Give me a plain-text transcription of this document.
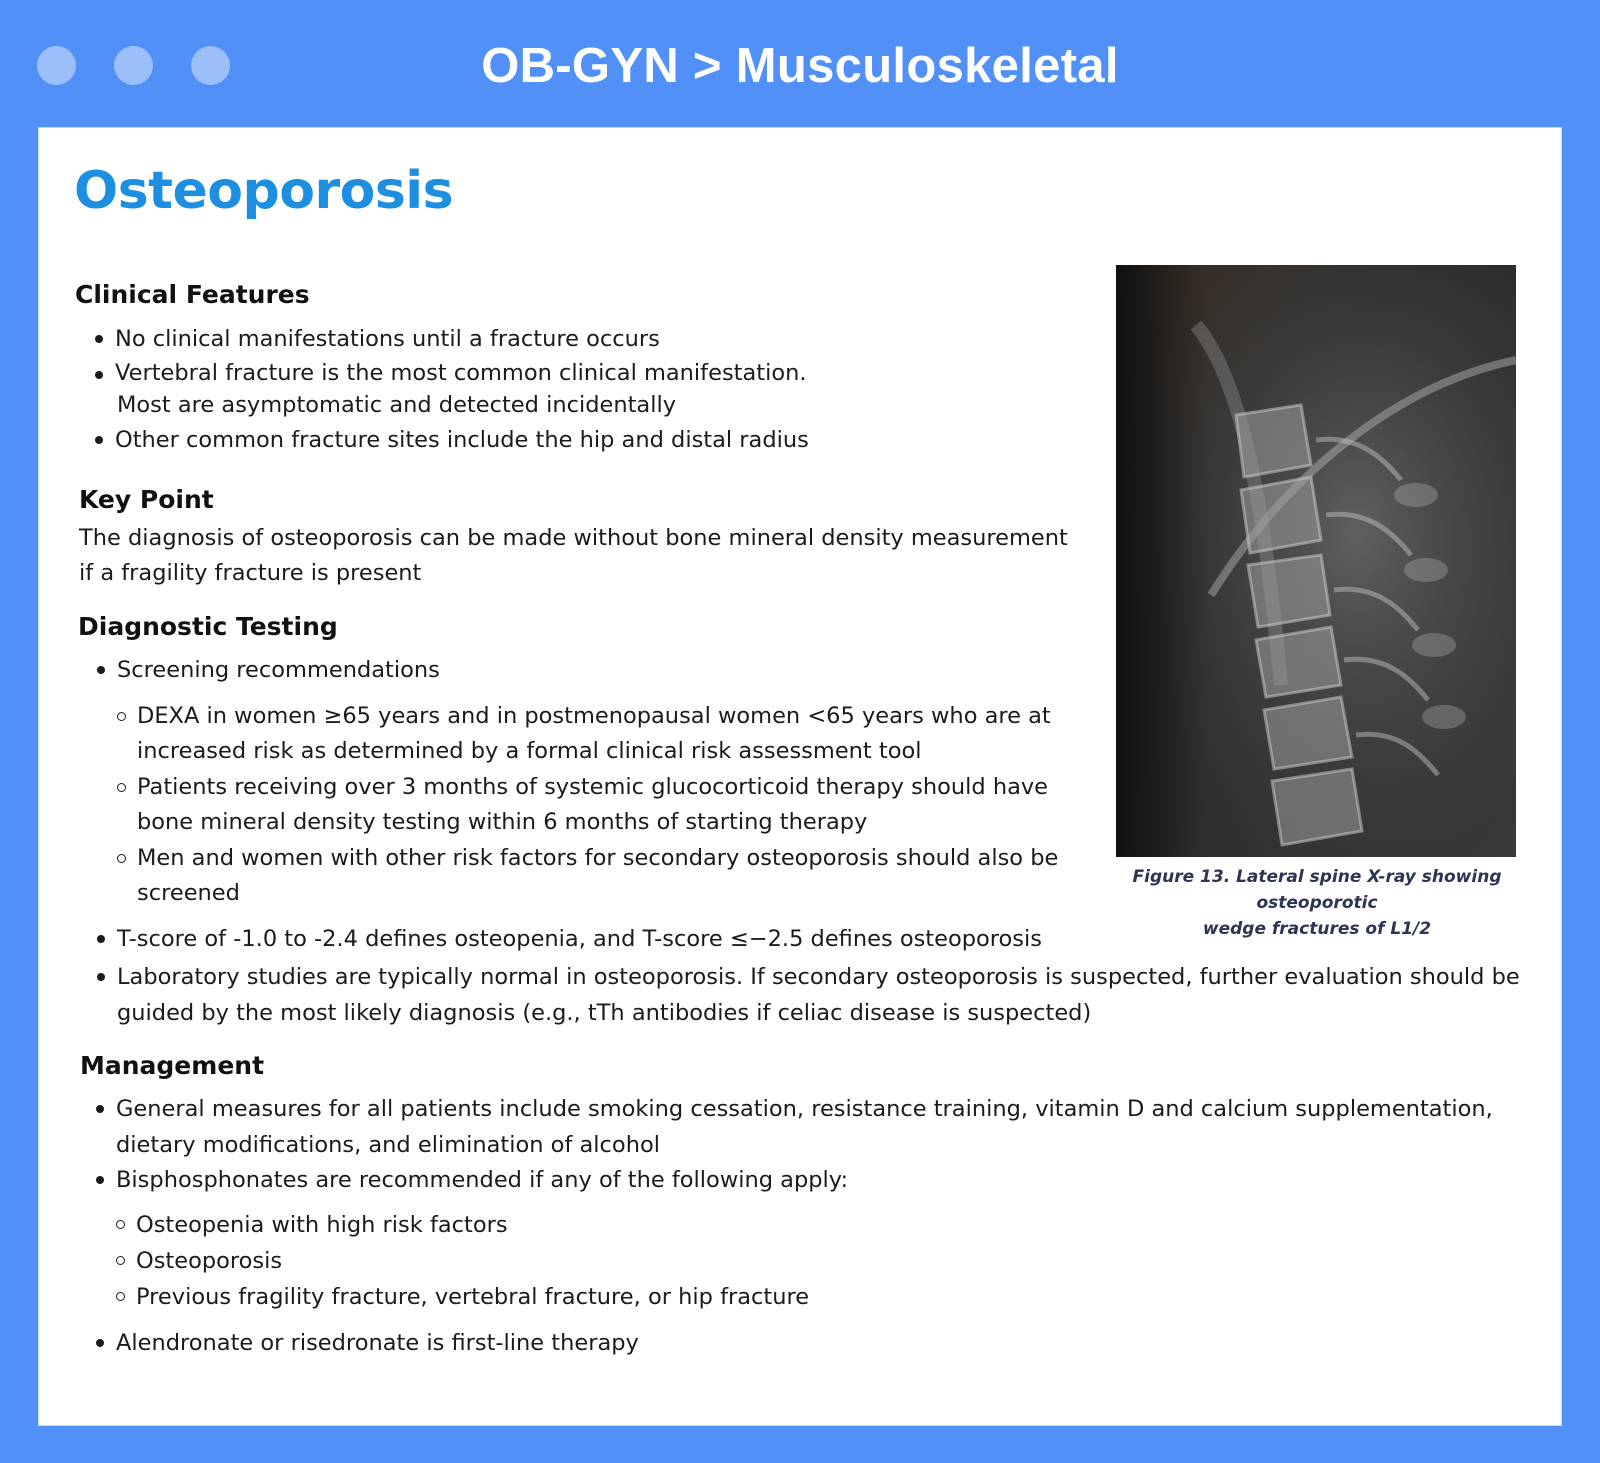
OB-GYN > Musculoskeletal
Osteoporosis
Clinical Features
No clinical manifestations until a fracture occurs
Vertebral fracture is the most common clinical manifestation.
Most are asymptomatic and detected incidentally
Other common fracture sites include the hip and distal radius
Key Point

The diagnosis of osteoporosis can be made without bone mineral density measurement

if a fragility fracture is present

Diagnostic Testing
Screening recommendations
DEXA in women ≥65 years and in postmenopausal women <65 years who are at
increased risk as determined by a formal clinical risk assessment tool
Patients receiving over 3 months of systemic glucocorticoid therapy should have
bone mineral density testing within 6 months of starting therapy
Men and women with other risk factors for secondary osteoporosis should also be
screened
T-score of -1.0 to -2.4 defines osteopenia, and T-score ≤−2.5 defines osteoporosis
Laboratory studies are typically normal in osteoporosis. If secondary osteoporosis is suspected, further evaluation should be
guided by the most likely diagnosis (e.g., tTh antibodies if celiac disease is suspected)
Management
General measures for all patients include smoking cessation, resistance training, vitamin D and calcium supplementation,
dietary modifications, and elimination of alcohol
Bisphosphonates are recommended if any of the following apply:
Osteopenia with high risk factors
Osteoporosis
Previous fragility fracture, vertebral fracture, or hip fracture
Alendronate or risedronate is first-line therapy
Figure 13. Lateral spine X-ray showing osteoporotic
wedge fractures of L1/2
